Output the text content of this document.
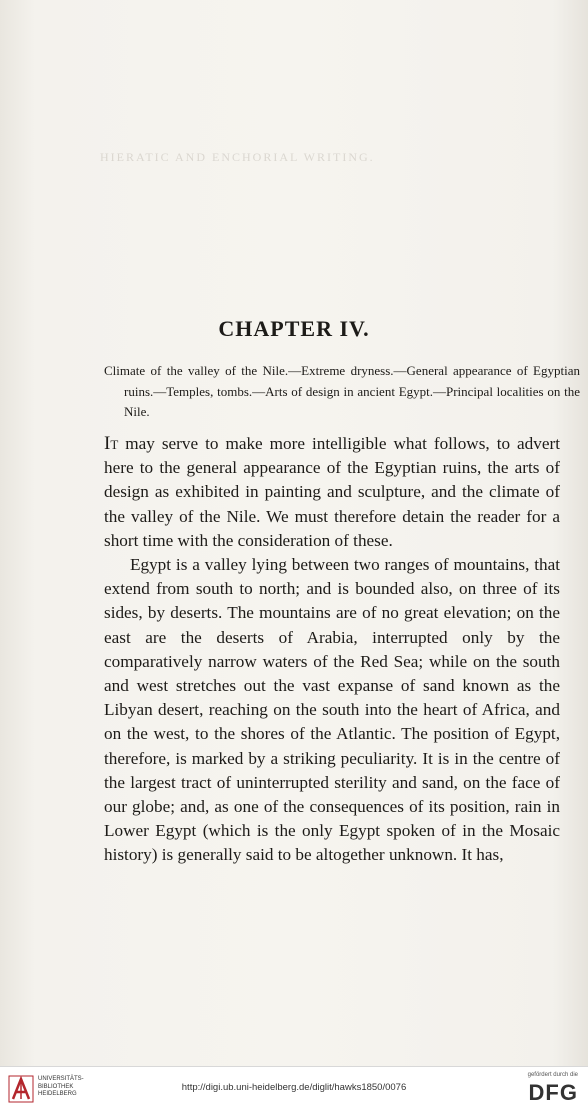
HIERATIC AND ENCHORIAL WRITING.
CHAPTER IV.

Climate of the valley of the Nile.—Extreme dryness.—General appearance of Egyptian ruins.—Temples, tombs.—Arts of design in ancient Egypt.—Principal localities on the Nile.

It may serve to make more intelligible what follows, to advert here to the general appearance of the Egyptian ruins, the arts of design as exhibited in painting and sculpture, and the climate of the valley of the Nile. We must therefore detain the reader for a short time with the consideration of these.

Egypt is a valley lying between two ranges of mountains, that extend from south to north; and is bounded also, on three of its sides, by deserts. The mountains are of no great elevation; on the east are the deserts of Arabia, interrupted only by the comparatively narrow waters of the Red Sea; while on the south and west stretches out the vast expanse of sand known as the Libyan desert, reaching on the south into the heart of Africa, and on the west, to the shores of the Atlantic. The position of Egypt, therefore, is marked by a striking peculiarity. It is in the centre of the largest tract of uninterrupted sterility and sand, on the face of our globe; and, as one of the consequences of its position, rain in Lower Egypt (which is the only Egypt spoken of in the Mosaic history) is generally said to be altogether unknown. It has,

UNIVERSITÄTS-
BIBLIOTHEK
HEIDELBERG
http://digi.ub.uni-heidelberg.de/diglit/hawks1850/0076
gefördert durch die
DFG
